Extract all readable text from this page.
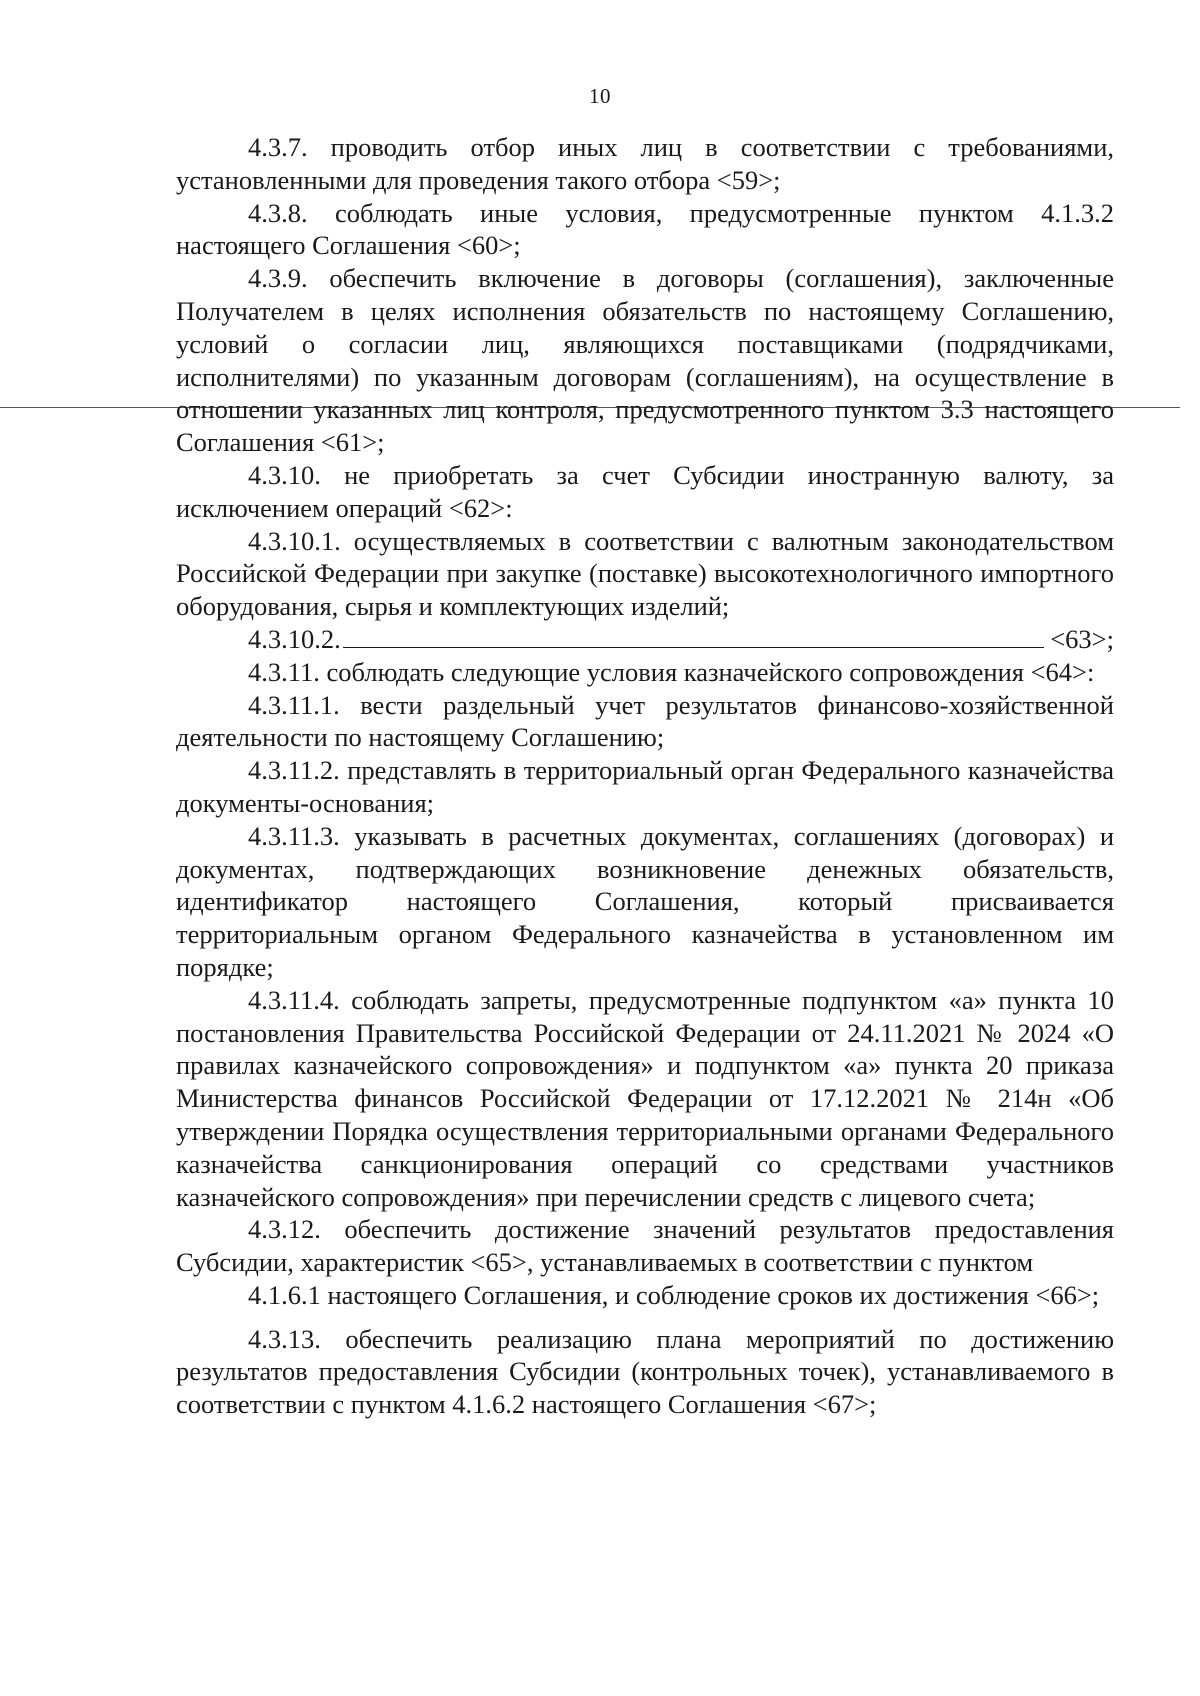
10

4.3.7. проводить отбор иных лиц в соответствии с требованиями, установленными для проведения такого отбора <59>;

4.3.8. соблюдать иные условия, предусмотренные пунктом 4.1.3.2 настоящего Соглашения <60>;

4.3.9. обеспечить включение в договоры (соглашения), заключенные Получателем в целях исполнения обязательств по настоящему Соглашению, условий о согласии лиц, являющихся поставщиками (подрядчиками, исполнителями) по указанным договорам (соглашениям), на осуществление в отношении указанных лиц контроля, предусмотренного пунктом 3.3 настоящего Соглашения <61>;

4.3.10. не приобретать за счет Субсидии иностранную валюту, за исключением операций <62>:

4.3.10.1. осуществляемых в соответствии с валютным законодательством Российской Федерации при закупке (поставке) высокотехнологичного импортного оборудования, сырья и комплектующих изделий;

4.3.10.2.	<63>;

4.3.11. соблюдать следующие условия казначейского сопровождения <64>:

4.3.11.1. вести раздельный учет результатов финансово-хозяйственной деятельности по настоящему Соглашению;

4.3.11.2. представлять в территориальный орган Федерального казначейства документы-основания;

4.3.11.3. указывать в расчетных документах, соглашениях (договорах) и документах, подтверждающих возникновение денежных обязательств, идентификатор настоящего Соглашения, который присваивается территориальным органом Федерального казначейства в установленном им порядке;

4.3.11.4. соблюдать запреты, предусмотренные подпунктом «а» пункта 10 постановления Правительства Российской Федерации от 24.11.2021 № 2024 «О правилах казначейского сопровождения» и подпунктом «а» пункта 20 приказа Министерства финансов Российской Федерации от 17.12.2021 № 214н «Об утверждении Порядка осуществления территориальными органами Федерального казначейства санкционирования операций со средствами участников казначейского сопровождения» при перечислении средств с лицевого счета;

4.3.12. обеспечить достижение значений результатов предоставления Субсидии, характеристик <65>, устанавливаемых в соответствии с пунктом

4.1.6.1 настоящего Соглашения, и соблюдение сроков их достижения <66>;

4.3.13. обеспечить реализацию плана мероприятий по достижению результатов предоставления Субсидии (контрольных точек), устанавливаемого в соответствии с пунктом 4.1.6.2 настоящего Соглашения <67>;
